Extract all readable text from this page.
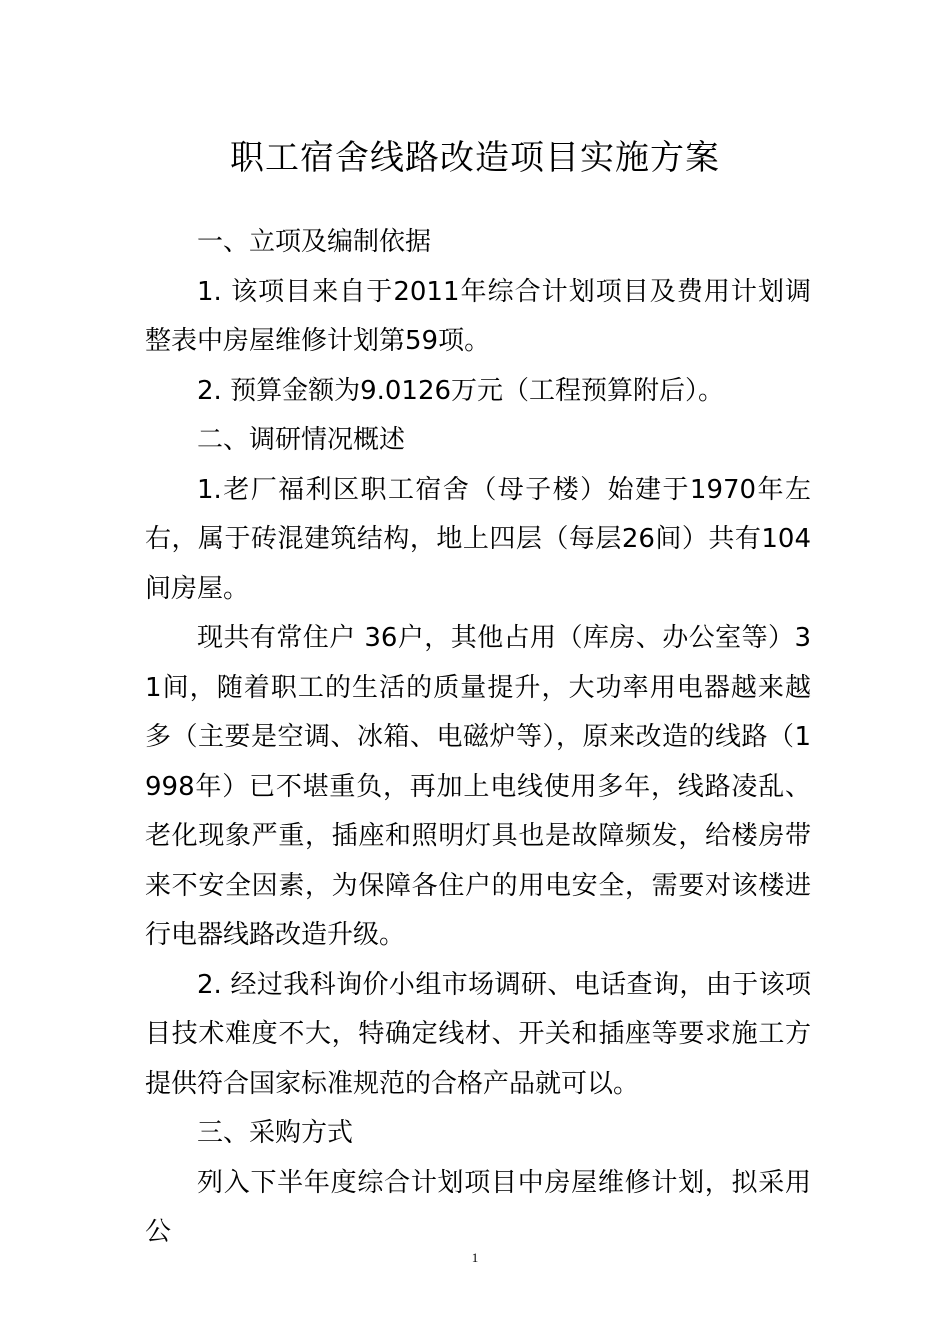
职工宿舍线路改造项目实施方案

一、立项及编制依据

1. 该项目来自于2011年综合计划项目及费用计划调整表中房屋维修计划第59项。

2. 预算金额为9.0126万元（工程预算附后）。

二、调研情况概述

1.老厂福利区职工宿舍（母子楼）始建于1970年左右，属于砖混建筑结构，地上四层（每层26间）共有104间房屋。

现共有常住户 36户，其他占用（库房、办公室等）31间，随着职工的生活的质量提升，大功率用电器越来越多（主要是空调、冰箱、电磁炉等），原来改造的线路（1998年）已不堪重负，再加上电线使用多年，线路凌乱、老化现象严重，插座和照明灯具也是故障频发，给楼房带来不安全因素，为保障各住户的用电安全，需要对该楼进行电器线路改造升级。

2. 经过我科询价小组市场调研、电话查询，由于该项目技术难度不大，特确定线材、开关和插座等要求施工方提供符合国家标准规范的合格产品就可以。

三、采购方式

列入下半年度综合计划项目中房屋维修计划，拟采用公

1
